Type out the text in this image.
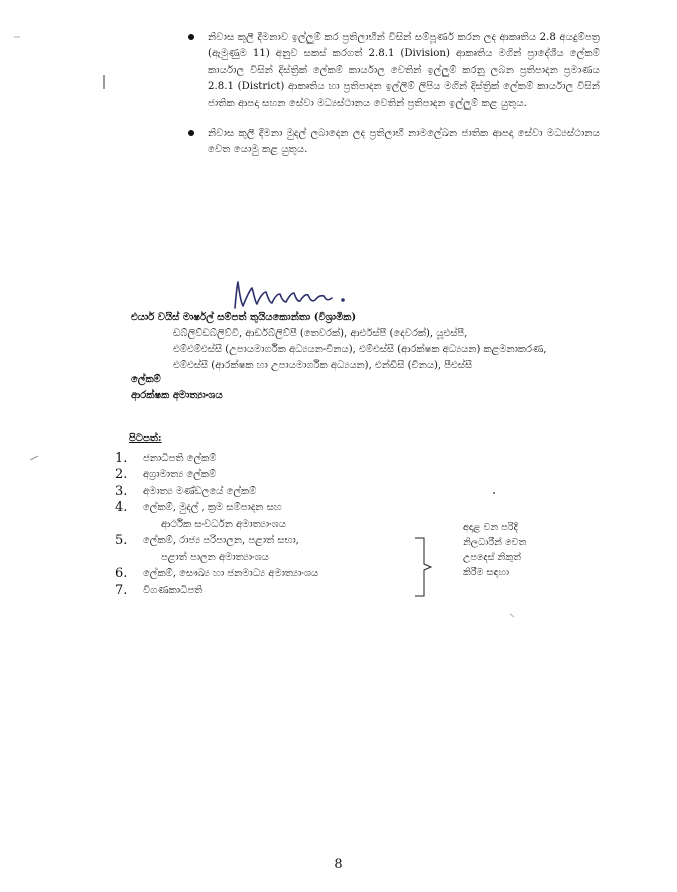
නිවාස කුලී දීමනාව ඉල්ලුම් කර ප්‍රතිලාභීන් විසින් සම්පූර්ණ කරන ලද ආකෘතිය 2.8 අයදුම්පත්‍ර (ඇමුණුම 11) අනුව සකස් කරගත් 2.8.1 (Division) ආකෘතිය මගින් ප්‍රාදේශීය ලේකම් කාර්යාල විසින් දිස්ත්‍රික් ලේකම් කාර්යාල වෙතින් ඉල්ලුම් කරනු ලබන ප්‍රතිපාදන ප්‍රමාණය 2.8.1 (District) ආකෘතිය හා ප්‍රතිපාදන ඉල්ලීම් ලිපිය මගින් දිස්ත්‍රික් ලේකම් කාර්යාල විසින් ජාතික ආපදා සහන සේවා මධ්‍යස්ථානය වෙතින් ප්‍රතිපාදන ඉල්ලුම් කළ යුතුය.
නිවාස කුලී දීමනා මුදල් ලබාදෙන ලද ප්‍රතිලාභී නාමලේඛන ජාතික ආපදා සේවා මධ්‍යස්ථානය වෙත යොමු කළ යුතුය.
එයාර් වයිස් මාර්ෂල් සම්පත් තුයියකොන්තා (විශ්‍රාමික)
ඩබ්ලිව්ඩබ්ලිව්වී, ආර්ඩබ්ලිව්පී (තෙවරක්), ආර්එස්පී (දෙවරක්), යූඑස්පී,
එම්එම්එස්සී (උපායමාර්ගික අධ්‍යයන-චීනය), එම්එස්සී (ආරක්ෂක අධ්‍යයන) කළමනාකරණ,
එම්එස්සී (ආරක්ෂක හා උපායමාර්ගික අධ්‍යයන), එන්ඩීසී (චීනය), පීඑස්සී
ලේකම්
ආරක්ෂක අමාත්‍යාංශය
පිටපත්:
1. ජනාධිපති ලේකම්
2. අග්‍රාමාත්‍ය ලේකම්
3. අමාත්‍ය මණ්ඩලයේ ලේකම්
4. ලේකම්, මුදල් , ක්‍රම සම්පාදන සහ
ආර්ථික සංවර්ධන අමාත්‍යාංශය
5. ලේකම්, රාජ්‍ය පරිපාලන, පළාත් සභා,
පළාත් පාලන අමාත්‍යාංශය
6. ලේකම්, සෞඛ්‍ය හා ජනමාධ්‍ය අමාත්‍යාංශය
7. විගණකාධිපති
අදාළ වන පරිදි
නිලධාරීන් වෙත
උපදෙස් නිකුත්
කිරීම සඳහා
8
